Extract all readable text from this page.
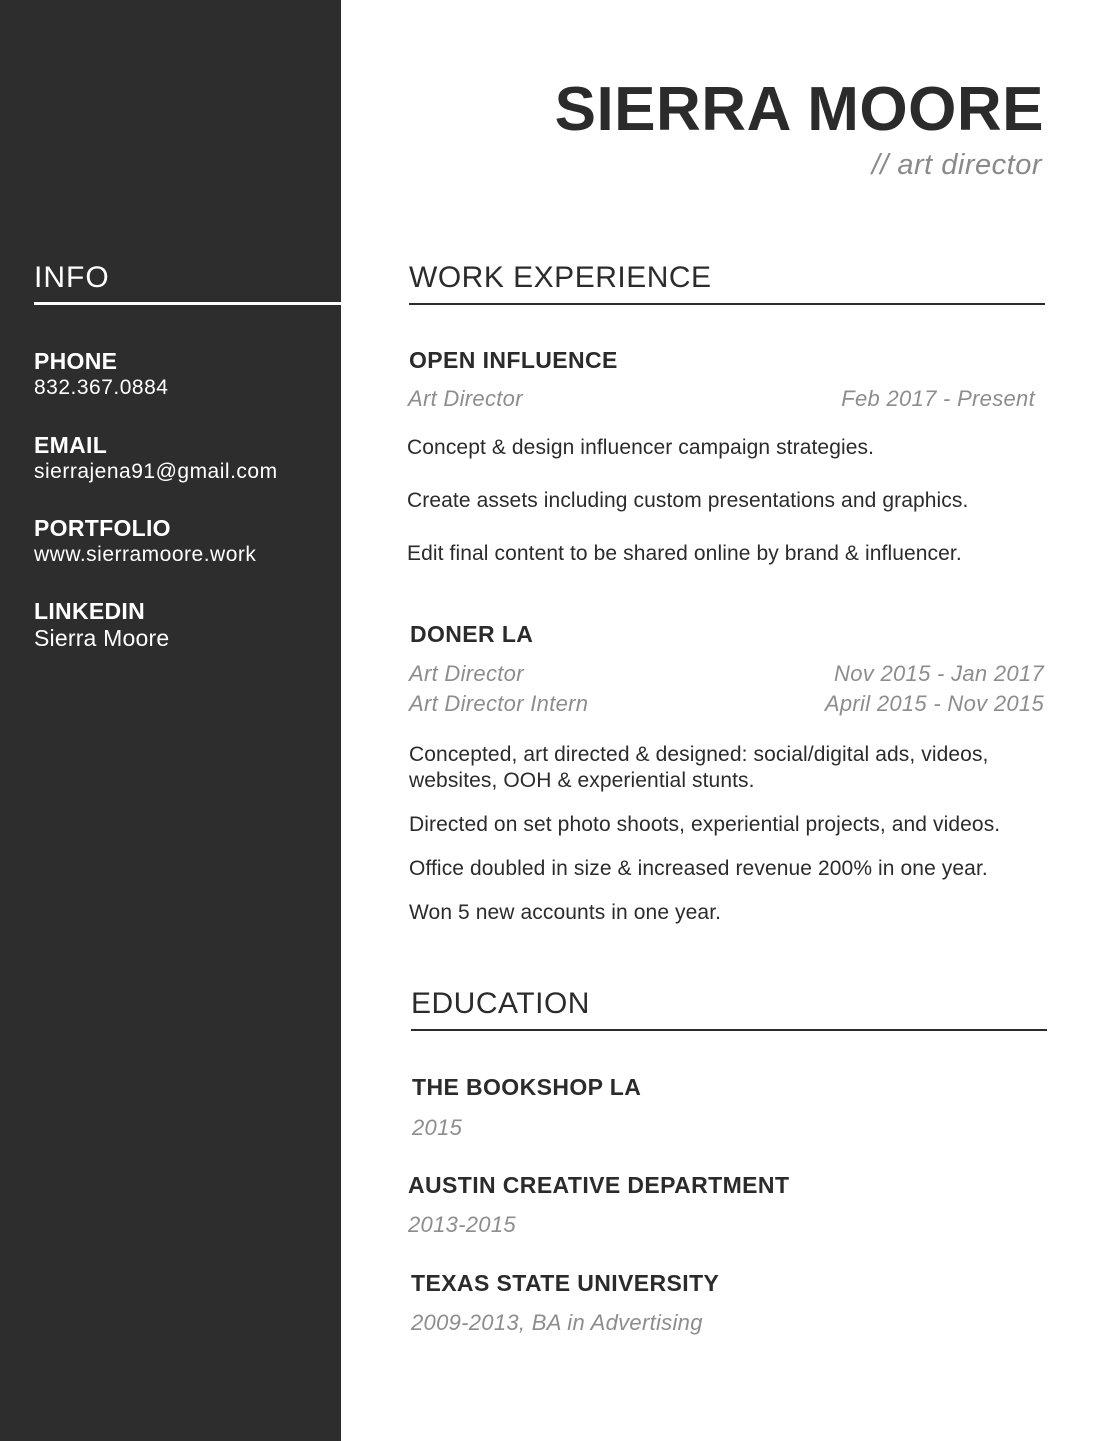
INFO
PHONE
832.367.0884
EMAIL
sierrajena91@gmail.com
PORTFOLIO
www.sierramoore.work
LINKEDIN
Sierra Moore
SIERRA MOORE
// art director
WORK EXPERIENCE
OPEN INFLUENCE
Art Director	Feb 2017 - Present
Concept & design influencer campaign strategies.
Create assets including custom presentations and graphics.
Edit final content to be shared online by brand & influencer.
DONER LA
Art Director	Nov 2015 - Jan 2017
Art Director Intern	April 2015 - Nov 2015
Concepted, art directed & designed: social/digital ads, videos, websites, OOH & experiential stunts.
Directed on set photo shoots, experiential projects, and videos.
Office doubled in size & increased revenue 200% in one year.
Won 5 new accounts in one year.
EDUCATION
THE BOOKSHOP LA
2015
AUSTIN CREATIVE DEPARTMENT
2013-2015
TEXAS STATE UNIVERSITY
2009-2013, BA in Advertising
